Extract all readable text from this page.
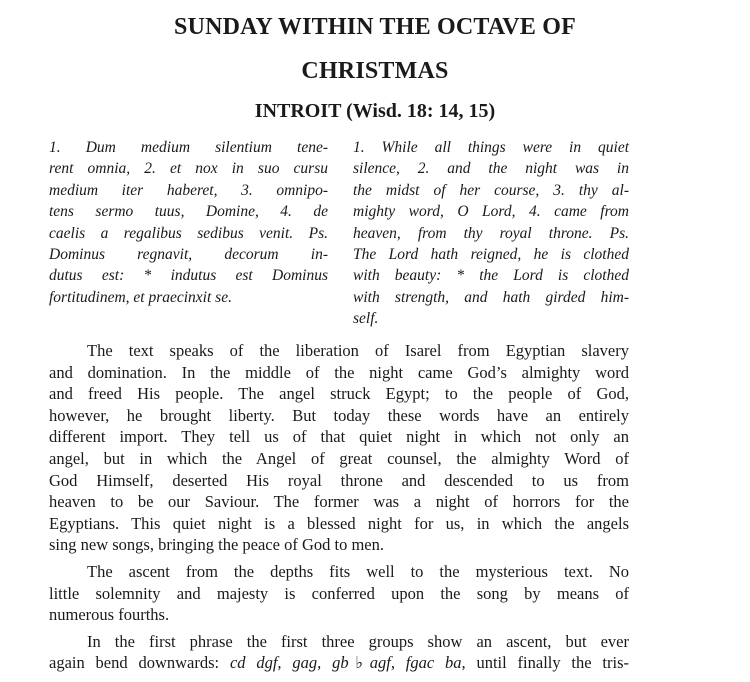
SUNDAY WITHIN THE OCTAVE OF
CHRISTMAS
INTROIT (Wisd. 18: 14, 15)
1. Dum medium silentium tene-
rent omnia, 2. et nox in suo cursu
medium iter haberet, 3. omnipo-
tens sermo tuus, Domine, 4. de
caelis a regalibus sedibus venit. Ps.
Dominus regnavit, decorum in-
dutus est: * indutus est Dominus
fortitudinem, et praecinxit se.
1. While all things were in quiet
silence, 2. and the night was in
the midst of her course, 3. thy al-
mighty word, O Lord, 4. came from
heaven, from thy royal throne. Ps.
The Lord hath reigned, he is clothed
with beauty: * the Lord is clothed
with strength, and hath girded him-
self.
The text speaks of the liberation of Isarel from Egyptian slavery
and domination. In the middle of the night came God’s almighty word
and freed His people. The angel struck Egypt; to the people of God,
however, he brought liberty. But today these words have an entirely
different import. They tell us of that quiet night in which not only an
angel, but in which the Angel of great counsel, the almighty Word of
God Himself, deserted His royal throne and descended to us from
heaven to be our Saviour. The former was a night of horrors for the
Egyptians. This quiet night is a blessed night for us, in which the angels
sing new songs, bringing the peace of God to men.
The ascent from the depths fits well to the mysterious text. No
little solemnity and majesty is conferred upon the song by means of
numerous fourths.
In the first phrase the first three groups show an ascent, but ever
again bend downwards: cd dgf, gag, gb♭agf, fgac ba, until finally the tris-
